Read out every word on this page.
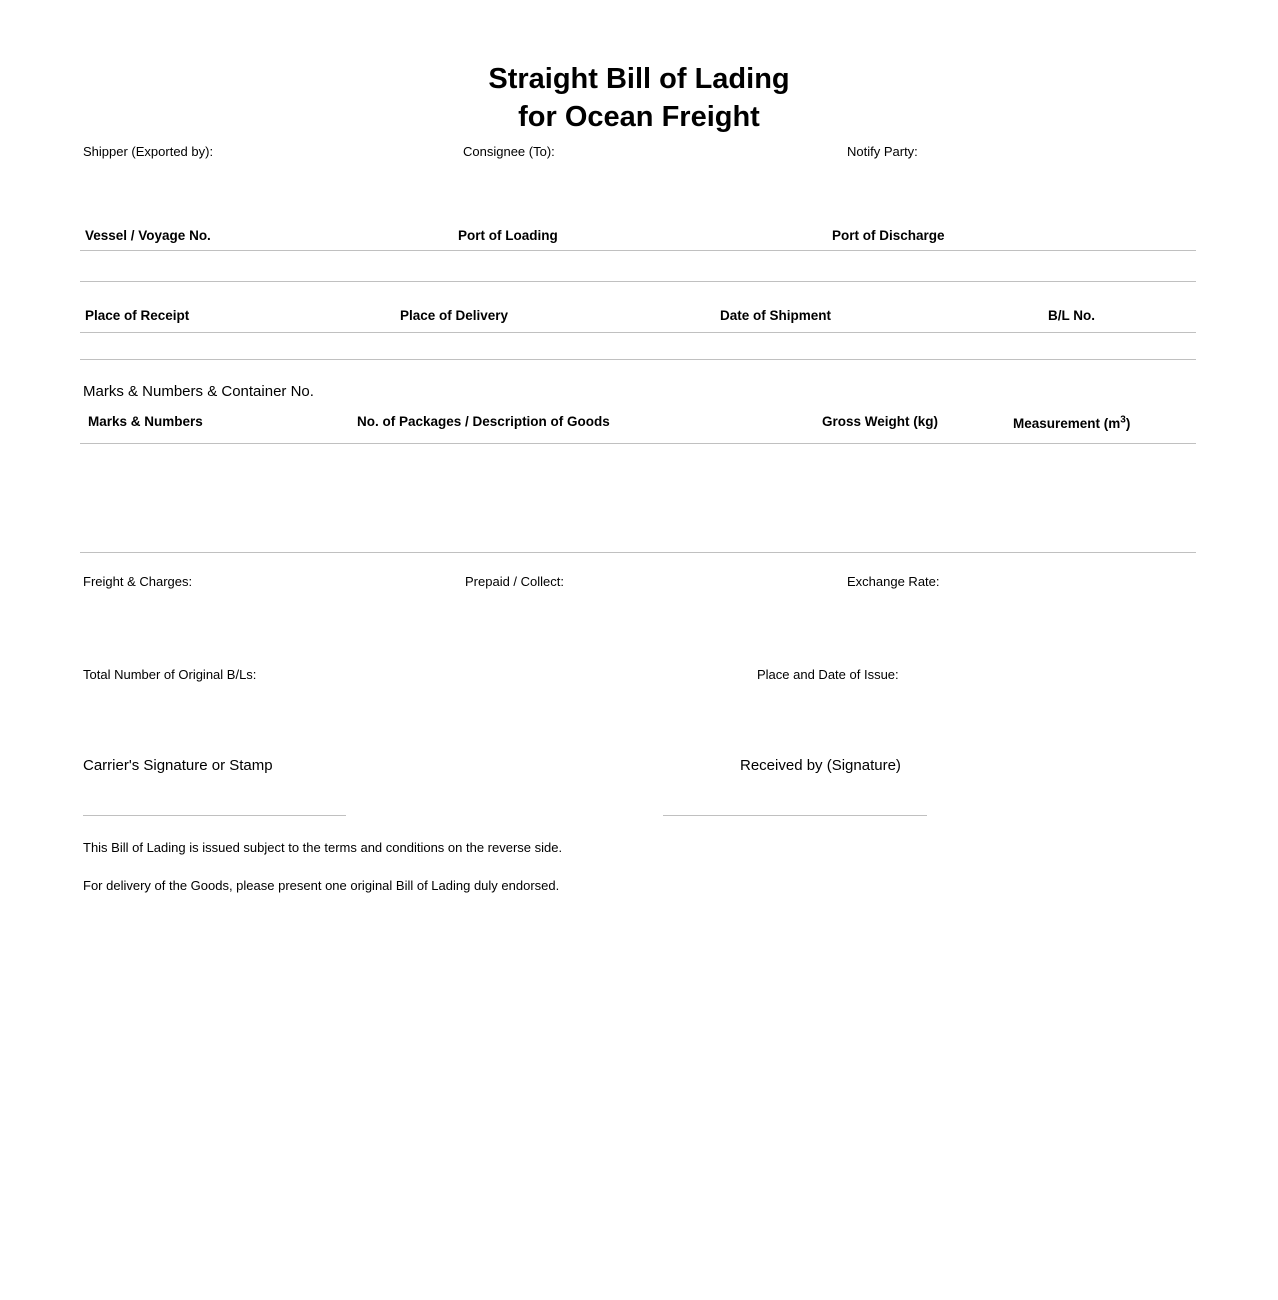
Straight Bill of Lading
for Ocean Freight
Shipper (Exported by):	Consignee (To):	Notify Party:
Vessel / Voyage No.	Port of Loading	Port of Discharge
Place of Receipt	Place of Delivery	Date of Shipment	B/L No.
Marks & Numbers & Container No.
Marks & Numbers	No. of Packages / Description of Goods	Gross Weight (kg)	Measurement $(m^3)$
Freight & Charges:	Prepaid / Collect:	Exchange Rate:
Total Number of Original B/Ls:	Place and Date of Issue:
Carrier's Signature or Stamp	Received by (Signature)
This Bill of Lading is issued subject to the terms and conditions on the reverse side.
For delivery of the Goods, please present one original Bill of Lading duly endorsed.
